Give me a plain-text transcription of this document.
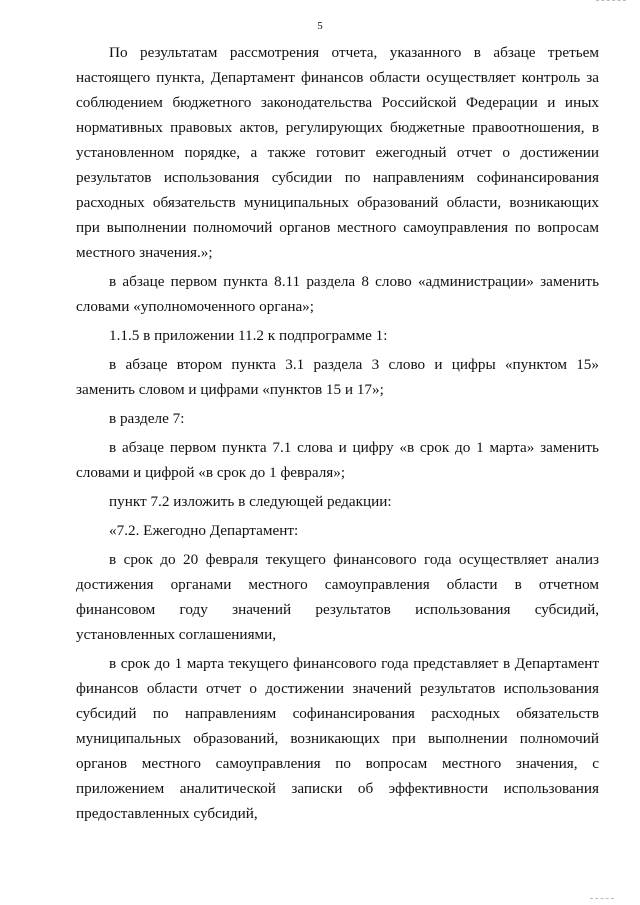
5

По результатам рассмотрения отчета, указанного в абзаце третьем настоящего пункта, Департамент финансов области осуществляет контроль за соблюдением бюджетного законодательства Российской Федерации и иных нормативных правовых актов, регулирующих бюджетные правоотношения, в установленном порядке, а также готовит ежегодный отчет о достижении результатов использования субсидии по направлениям софинансирования расходных обязательств муниципальных образований области, возникающих при выполнении полномочий органов местного самоуправления по вопросам местного значения.»;

в абзаце первом пункта 8.11 раздела 8 слово «администрации» заменить словами «уполномоченного органа»;

1.1.5 в приложении 11.2 к подпрограмме 1:

в абзаце втором пункта 3.1 раздела 3 слово и цифры «пунктом 15» заменить словом и цифрами «пунктов 15 и 17»;

в разделе 7:

в абзаце первом пункта 7.1 слова и цифру «в срок до 1 марта» заменить словами и цифрой «в срок до 1 февраля»;

пункт 7.2 изложить в следующей редакции:

«7.2. Ежегодно Департамент:

в срок до 20 февраля текущего финансового года осуществляет анализ достижения органами местного самоуправления области в отчетном финансовом году значений результатов использования субсидий, установленных соглашениями,

в срок до 1 марта текущего финансового года представляет в Департамент финансов области отчет о достижении значений результатов использования субсидий по направлениям софинансирования расходных обязательств муниципальных образований, возникающих при выполнении полномочий органов местного самоуправления по вопросам местного значения, с приложением аналитической записки об эффективности использования предоставленных субсидий,
